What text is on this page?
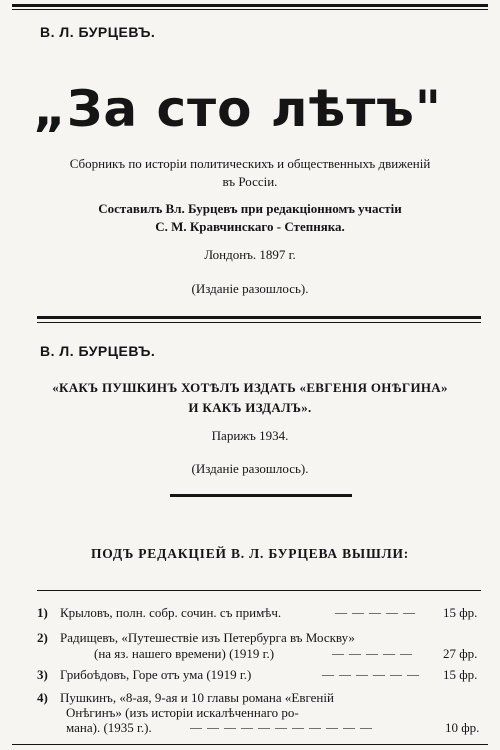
В. Л. БУРЦЕВЪ.
„За сто лѣтъ"
Сборникъ по исторіи политическихъ и общественныхъ движеній
въ Россіи.
Составилъ Вл. Бурцевъ при редакціонномъ участіи
С. М. Кравчинскаго - Степняка.
Лондонъ. 1897 г.
(Изданіе разошлось).
В. Л. БУРЦЕВЪ.
«КАКЪ ПУШКИНЪ ХОТѢЛЪ ИЗДАТЬ «ЕВГЕНІЯ ОНѢГИНА»
И КАКЪ ИЗДАЛЪ».
Парижъ 1934.
(Изданіе разошлось).
ПОДЪ РЕДАКЦІЕЙ В. Л. БУРЦЕВА ВЫШЛИ:
1) Крыловъ, полн. собр. сочин. съ примѣч.	— — — — — 15 фр.
2) Радищевъ, «Путешествіе изъ Петербурга въ Москву»
(на яз. нашего времени) (1919 г.)	— — — — — 27 фр.
3) Грибоѣдовъ, Горе отъ ума (1919 г.)	— — — — — — 15 фр.
4) Пушкинъ, «8-ая, 9-ая и 10 главы романа «Евгеній
Онѣгинъ» (изъ исторіи искалѣченнаго ро-
мана). (1935 г.).	— — — — — — — — — — —	10 фр.
